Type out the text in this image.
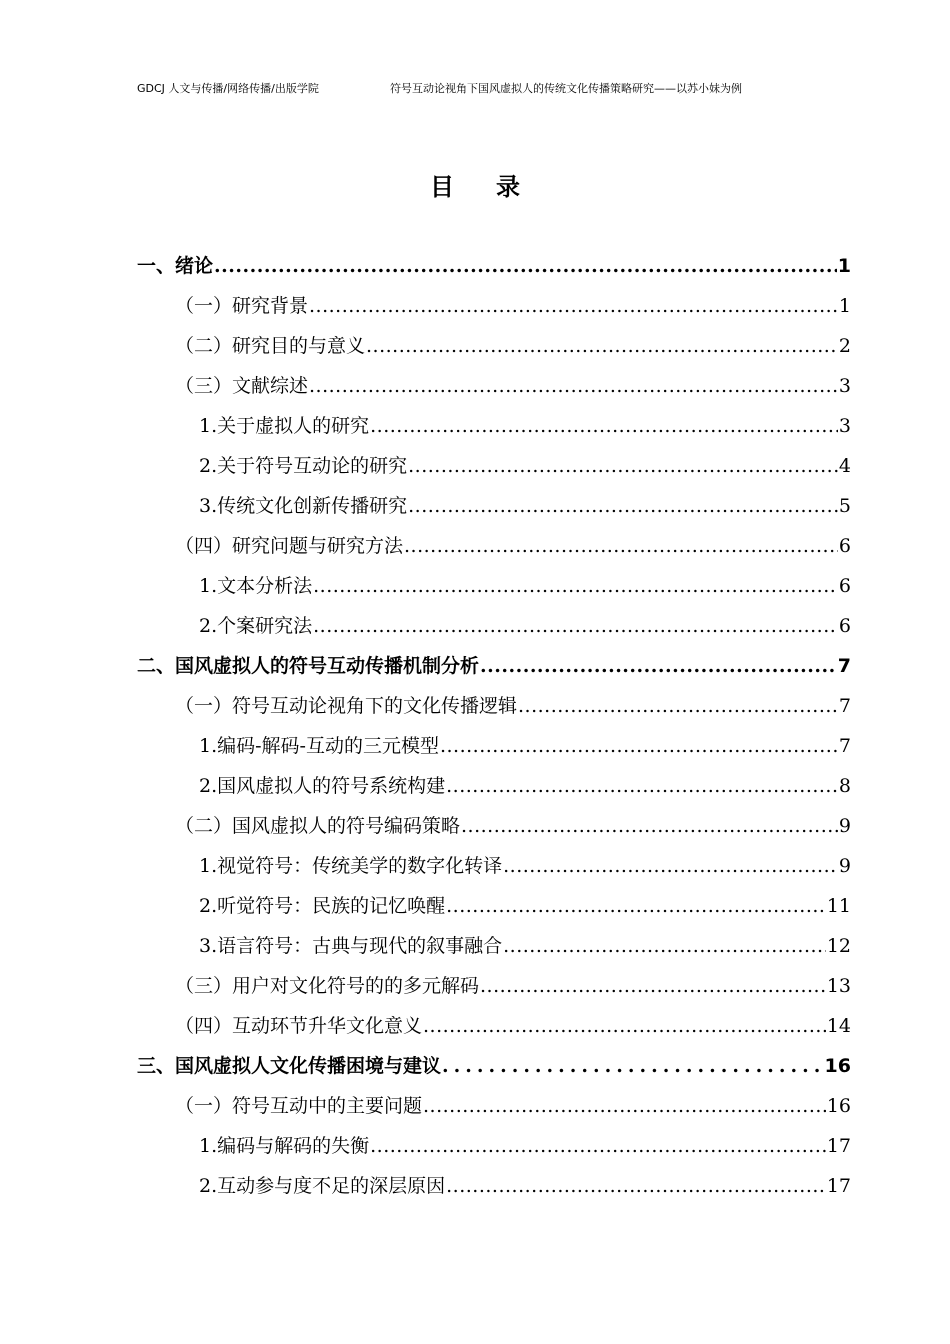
GDCJ 人文与传播/网络传播/出版学院	符号互动论视角下国风虚拟人的传统文化传播策略研究——以苏小妹为例
目录
一、绪论 .....	1
（一）研究背景 .....	1
（二）研究目的与意义 .....	2
（三）文献综述 .....	3
1.关于虚拟人的研究 .....	3
2.关于符号互动论的研究 .....	4
3.传统文化创新传播研究 .....	5
（四）研究问题与研究方法 .....	6
1.文本分析法 .....	6
2.个案研究法 .....	6
二、国风虚拟人的符号互动传播机制分析 .....	7
（一）符号互动论视角下的文化传播逻辑 .....	7
1.编码-解码-互动的三元模型 .....	7
2.国风虚拟人的符号系统构建 .....	8
（二）国风虚拟人的符号编码策略 .....	9
1.视觉符号：传统美学的数字化转译 .....	9
2.听觉符号：民族的记忆唤醒 .....	11
3.语言符号：古典与现代的叙事融合 .....	12
（三）用户对文化符号的的多元解码 .....	13
（四）互动环节升华文化意义 .....	14
三、国风虚拟人文化传播困境与建议 .....	16
（一）符号互动中的主要问题 .....	16
1.编码与解码的失衡 .....	17
2.互动参与度不足的深层原因 .....	17
